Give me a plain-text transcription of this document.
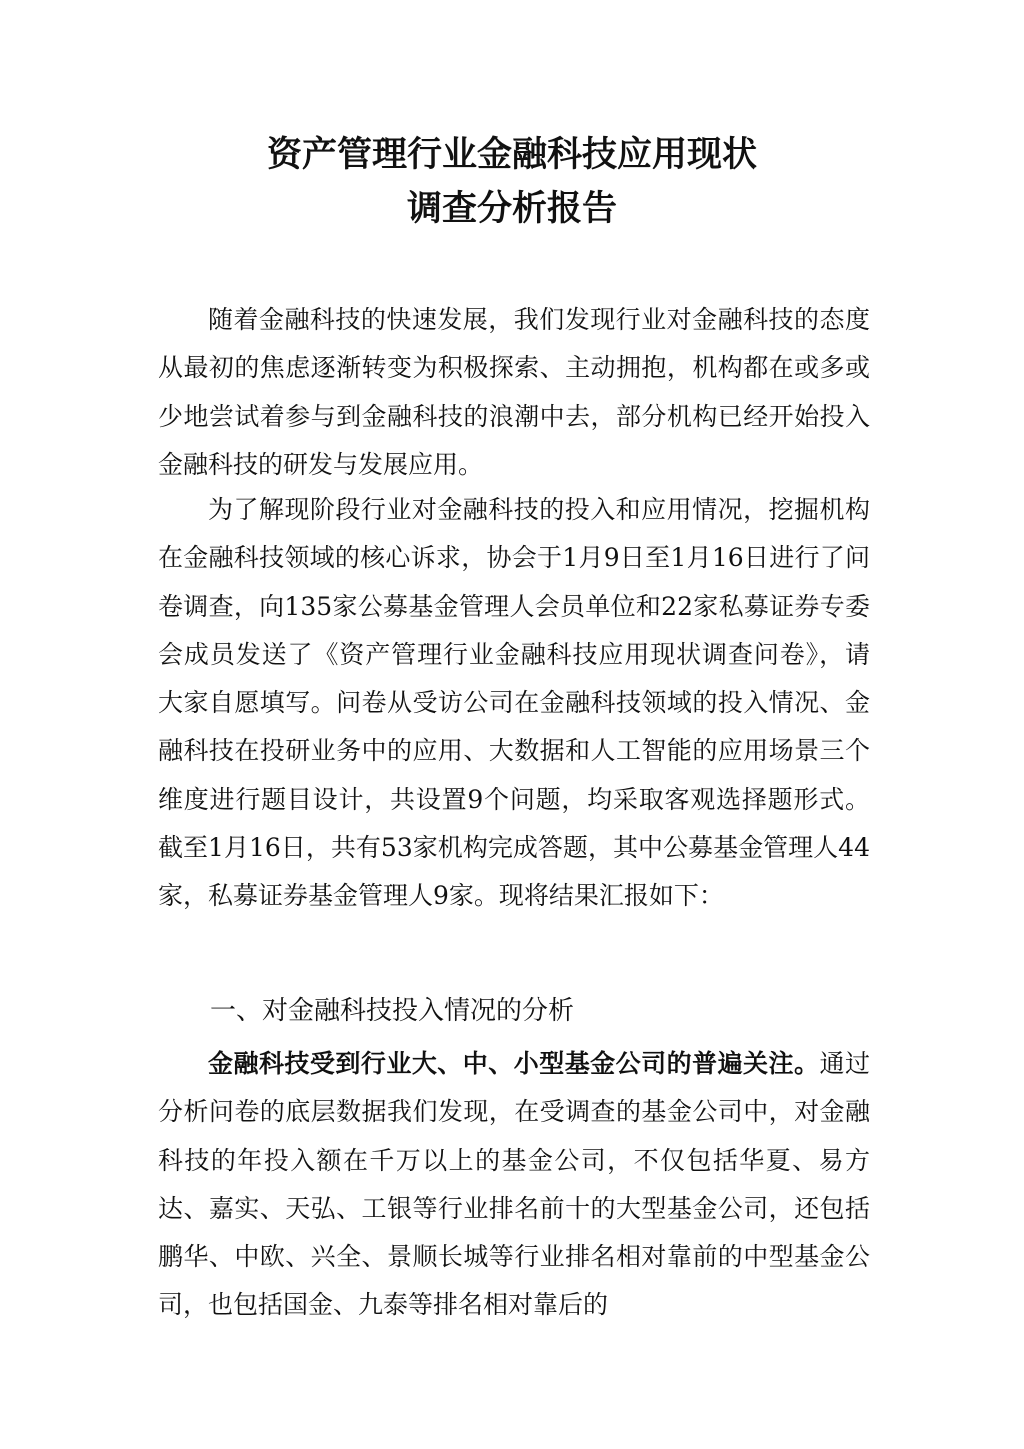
资产管理行业金融科技应用现状
调查分析报告

随着金融科技的快速发展，我们发现行业对金融科技的态度从最初的焦虑逐渐转变为积极探索、主动拥抱，机构都在或多或少地尝试着参与到金融科技的浪潮中去，部分机构已经开始投入金融科技的研发与发展应用。

为了解现阶段行业对金融科技的投入和应用情况，挖掘机构在金融科技领域的核心诉求，协会于1月9日至1月16日进行了问卷调查，向135家公募基金管理人会员单位和22家私募证券专委会成员发送了《资产管理行业金融科技应用现状调查问卷》，请大家自愿填写。问卷从受访公司在金融科技领域的投入情况、金融科技在投研业务中的应用、大数据和人工智能的应用场景三个维度进行题目设计，共设置9个问题，均采取客观选择题形式。截至1月16日，共有53家机构完成答题，其中公募基金管理人44家，私募证券基金管理人9家。现将结果汇报如下：

一、对金融科技投入情况的分析

金融科技受到行业大、中、小型基金公司的普遍关注。通过分析问卷的底层数据我们发现，在受调查的基金公司中，对金融科技的年投入额在千万以上的基金公司，不仅包括华夏、易方达、嘉实、天弘、工银等行业排名前十的大型基金公司，还包括鹏华、中欧、兴全、景顺长城等行业排名相对靠前的中型基金公司，也包括国金、九泰等排名相对靠后的
